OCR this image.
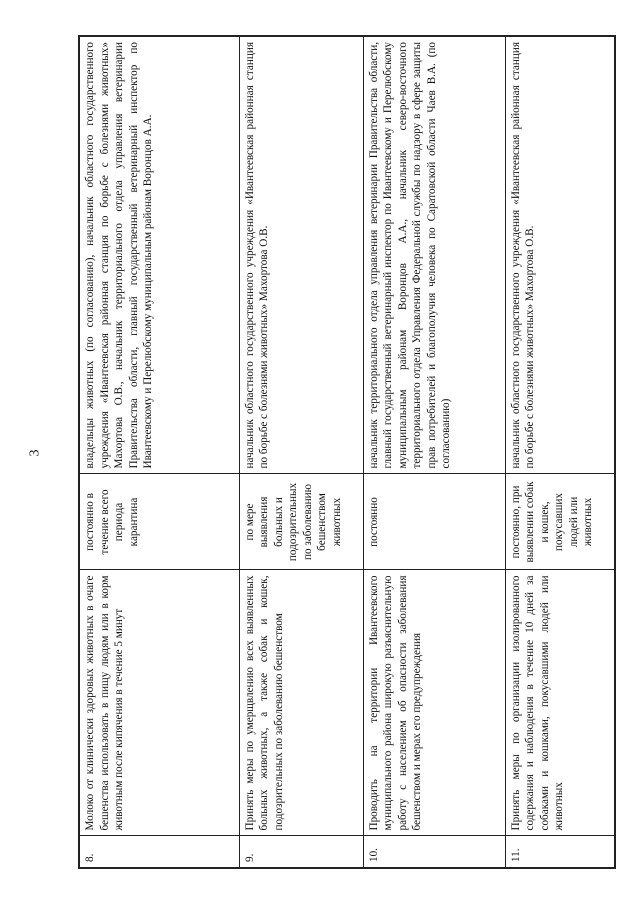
3
8.	Молоко от клинически здоровых животных в очаге бешенства использовать в пищу людям или в корм животным после кипячения в течение 5 минут	постоянно в течение всего периода карантина	владельцы животных (по согласованию), начальник областного государственного учреждения «Ивантеевская районная станция по борьбе с болезнями животных» Махортова О.В., начальник территориального отдела управления ветеринарии Правительства области, главный государственный ветеринарный инспектор по Ивантеевскому и Перелюбскому муниципальным районам Воронцов А.А.
9.	Принять меры по умерщвлению всех выявленных больных животных, а также собак и кошек, подозрительных по заболеванию бешенством	по мере выявления больных и подозрительных по заболеванию бешенством животных	начальник областного государственного учреждения «Ивантеевская районная станция по борьбе с болезнями животных» Махортова О.В.
10.	Проводить на территории Ивантеевского муниципального района широкую разъяснительную работу с населением об опасности заболевания бешенством и мерах его предупреждения	постоянно	начальник территориального отдела управления ветеринарии Правительства области, главный государственный ветеринарный инспектор по Ивантеевскому и Перелюбскому муниципальным районам Воронцов А.А., начальник северо-восточного территориального отдела Управления Федеральной службы по надзору в сфере защиты прав потребителей и благополучия человека по Саратовской области Чаев В.А. (по согласованию)
11.	Принять меры по организации изолированного содержания и наблюдения в течение 10 дней за собаками и кошками, покусавшими людей или животных	постоянно, при выявлении собак и кошек, покусавших людей или животных	начальник областного государственного учреждения «Ивантеевская районная станция по борьбе с болезнями животных» Махортова О.В.
